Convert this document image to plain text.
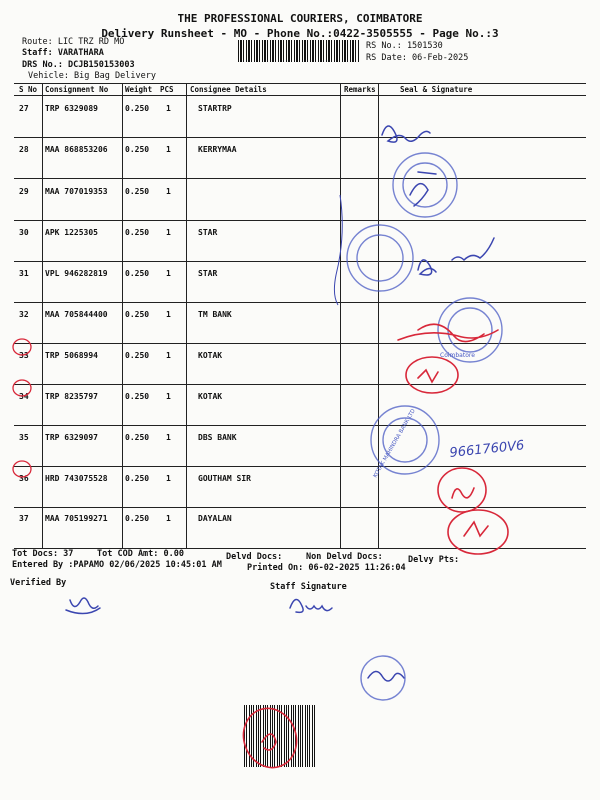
THE PROFESSIONAL COURIERS, COIMBATORE
Delivery Runsheet - MO - Phone No.:0422-3505555 - Page No.:3
Route: LIC TRZ RD MO
Staff: VARATHARA
DRS No.: DCJB150153003
Vehicle: Big Bag Delivery
RS No.: 1501530
RS Date: 06-Feb-2025
S No Consignment No Weight PCS Consignee Details	Remarks	Seal & Signature
27 TRP 6329089	0.250 1	STARTRP
28 MAA 868853206 0.250 1	KERRYMAA
29 MAA 707019353 0.250 1
30 APK 1225305	0.250 1	STAR
31 VPL 946282819 0.250 1	STAR
32 MAA 705844400 0.250 1	TM BANK
33 TRP 5068994	0.250 1	KOTAK
34 TRP 8235797	0.250 1	KOTAK
35 TRP 6329097	0.250 1	DBS BANK
36 HRD 743075528 0.250 1	GOUTHAM SIR
37 MAA 705199271 0.250 1	DAYALAN
Tot Docs: 37	Tot COD Amt: 0.00	Delvd Docs:	Non Delvd Docs:	Delvy Pts:
Entered By :PAPAMO 02/06/2025 10:45:01 AM	Printed On: 06-02-2025 11:26:04
Verified By	Staff Signature
Coimbatore
KOTAK MAHINDRA BANK LTD 9661760V6
